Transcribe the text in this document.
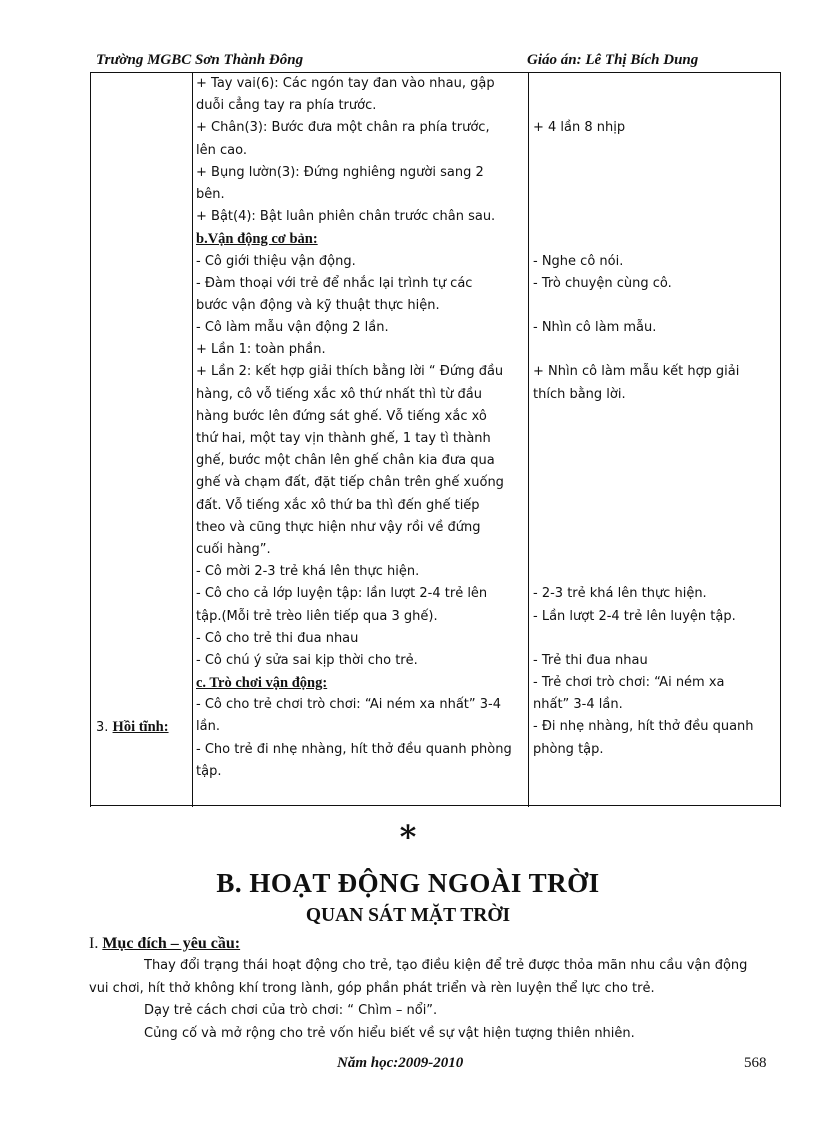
Trường MGBC Sơn Thành Đông	Giáo án: Lê Thị Bích Dung
3. Hồi tĩnh:
+ Tay vai(6): Các ngón tay đan vào nhau, gập
duỗi cẳng tay ra phía trước.
+ Chân(3): Bước đưa một chân ra phía trước,
lên cao.
+ Bụng lườn(3): Đứng nghiêng người sang 2
bên.
+ Bật(4): Bật luân phiên chân trước chân sau.
b.Vận động cơ bản:
- Cô giới thiệu vận động.
- Đàm thoại với trẻ để nhắc lại trình tự các
bước vận động và kỹ thuật thực hiện.
- Cô làm mẫu vận động 2 lần.
+ Lần 1: toàn phần.
+ Lần 2: kết hợp giải thích bằng lời “ Đứng đầu
hàng, cô vỗ tiếng xắc xô thứ nhất thì từ đầu
hàng bước lên đứng sát ghế. Vỗ tiếng xắc xô
thứ hai, một tay vịn thành ghế, 1 tay tì thành
ghế, bước một chân lên ghế chân kia đưa qua
ghế và chạm đất, đặt tiếp chân trên ghế xuống
đất. Vỗ tiếng xắc xô thứ ba thì đến ghế tiếp
theo và cũng thực hiện như vậy rồi về đứng
cuối hàng”.
- Cô mời 2-3 trẻ khá lên thực hiện.
- Cô cho cả lớp luyện tập: lần lượt 2-4 trẻ lên
tập.(Mỗi trẻ trèo liên tiếp qua 3 ghế).
- Cô cho trẻ thi đua nhau
- Cô chú ý sửa sai kịp thời cho trẻ.
c. Trò chơi vận động:
- Cô cho trẻ chơi trò chơi: “Ai ném xa nhất” 3-4
lần.
- Cho trẻ đi nhẹ nhàng, hít thở đều quanh phòng
tập.
+ 4 lần 8 nhịp
- Nghe cô nói.
- Trò chuyện cùng cô.
- Nhìn cô làm mẫu.
+ Nhìn cô làm mẫu kết hợp giải
thích bằng lời.
- 2-3 trẻ khá lên thực hiện.
- Lần lượt 2-4 trẻ lên luyện tập.
- Trẻ thi đua nhau
- Trẻ chơi trò chơi: “Ai ném xa
nhất” 3-4 lần.
- Đi nhẹ nhàng, hít thở đều quanh
phòng tập.
*
B. HOẠT ĐỘNG NGOÀI TRỜI
QUAN SÁT MẶT TRỜI
I. Mục đích – yêu cầu:
Thay đổi trạng thái hoạt động cho trẻ, tạo điều kiện để trẻ được thỏa mãn nhu cầu vận động
vui chơi, hít thở không khí trong lành, góp phần phát triển và rèn luyện thể lực cho trẻ.
Dạy trẻ cách chơi của trò chơi: “ Chìm – nổi”.
Củng cố và mở rộng cho trẻ vốn hiểu biết về sự vật hiện tượng thiên nhiên.
Năm học:2009-2010	568
